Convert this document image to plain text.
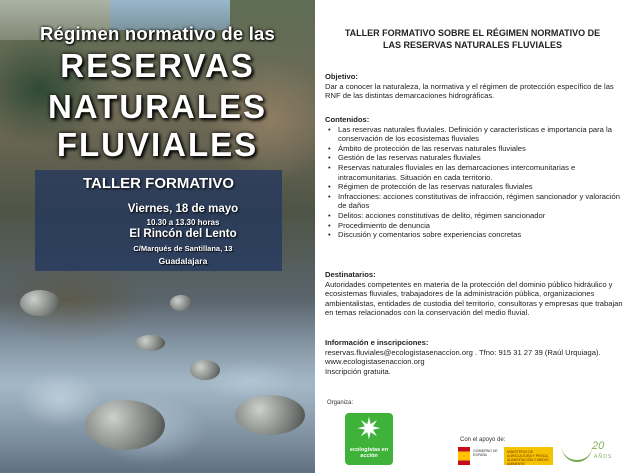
Régimen normativo de las
RESERVAS
NATURALES
FLUVIALES
TALLER FORMATIVO
Viernes, 18 de mayo
10.30 a 13.30 horas
El Rincón del Lento
C/Marqués de Santillana, 13
Guadalajara
TALLER FORMATIVO SOBRE EL RÉGIMEN NORMATIVO DE LAS RESERVAS NATURALES FLUVIALES
Objetivo:
Dar a conocer la naturaleza, la normativa y el régimen de protección específico de las RNF de las distintas demarcaciones hidrográficas.
Contenidos:
• Las reservas naturales fluviales. Definición y características e importancia para la conservación de los ecosistemas fluviales
• Ámbito de protección de las reservas naturales fluviales
• Gestión de las reservas naturales fluviales
• Reservas naturales fluviales en las demarcaciones intercomunitarias e intracomunitarias. Situación en cada territorio.
• Régimen de protección de las reservas naturales fluviales
• Infracciones: acciones constitutivas de infracción, régimen sancionador y valoración de daños
• Delitos: acciones constitutivas de delito, régimen sancionador
• Procedimiento de denuncia
• Discusión y comentarios sobre experiencias concretas
Destinatarios:
Autoridades competentes en materia de la protección del dominio público hidráulico y ecosistemas fluviales, trabajadores de la administración pública, organizaciones ambientalistas, entidades de custodia del territorio, consultoras y empresas que trabajan en temas relacionados con la conservación del medio fluvial.
Información e inscripciones:
reservas.fluviales@ecologistasenaccion.org . Tfno: 915 31 27 39 (Raúl Urquiaga).
www.ecologistasenaccion.org
Inscripción gratuita.
Organiza:
✷
ecologistas en acción
Con el apoyo de:
GOBIERNO DE ESPAÑA
MINISTERIO DE AGRICULTURA Y PESCA, ALIMENTACIÓN Y MEDIO AMBIENTE
20
AÑOS
